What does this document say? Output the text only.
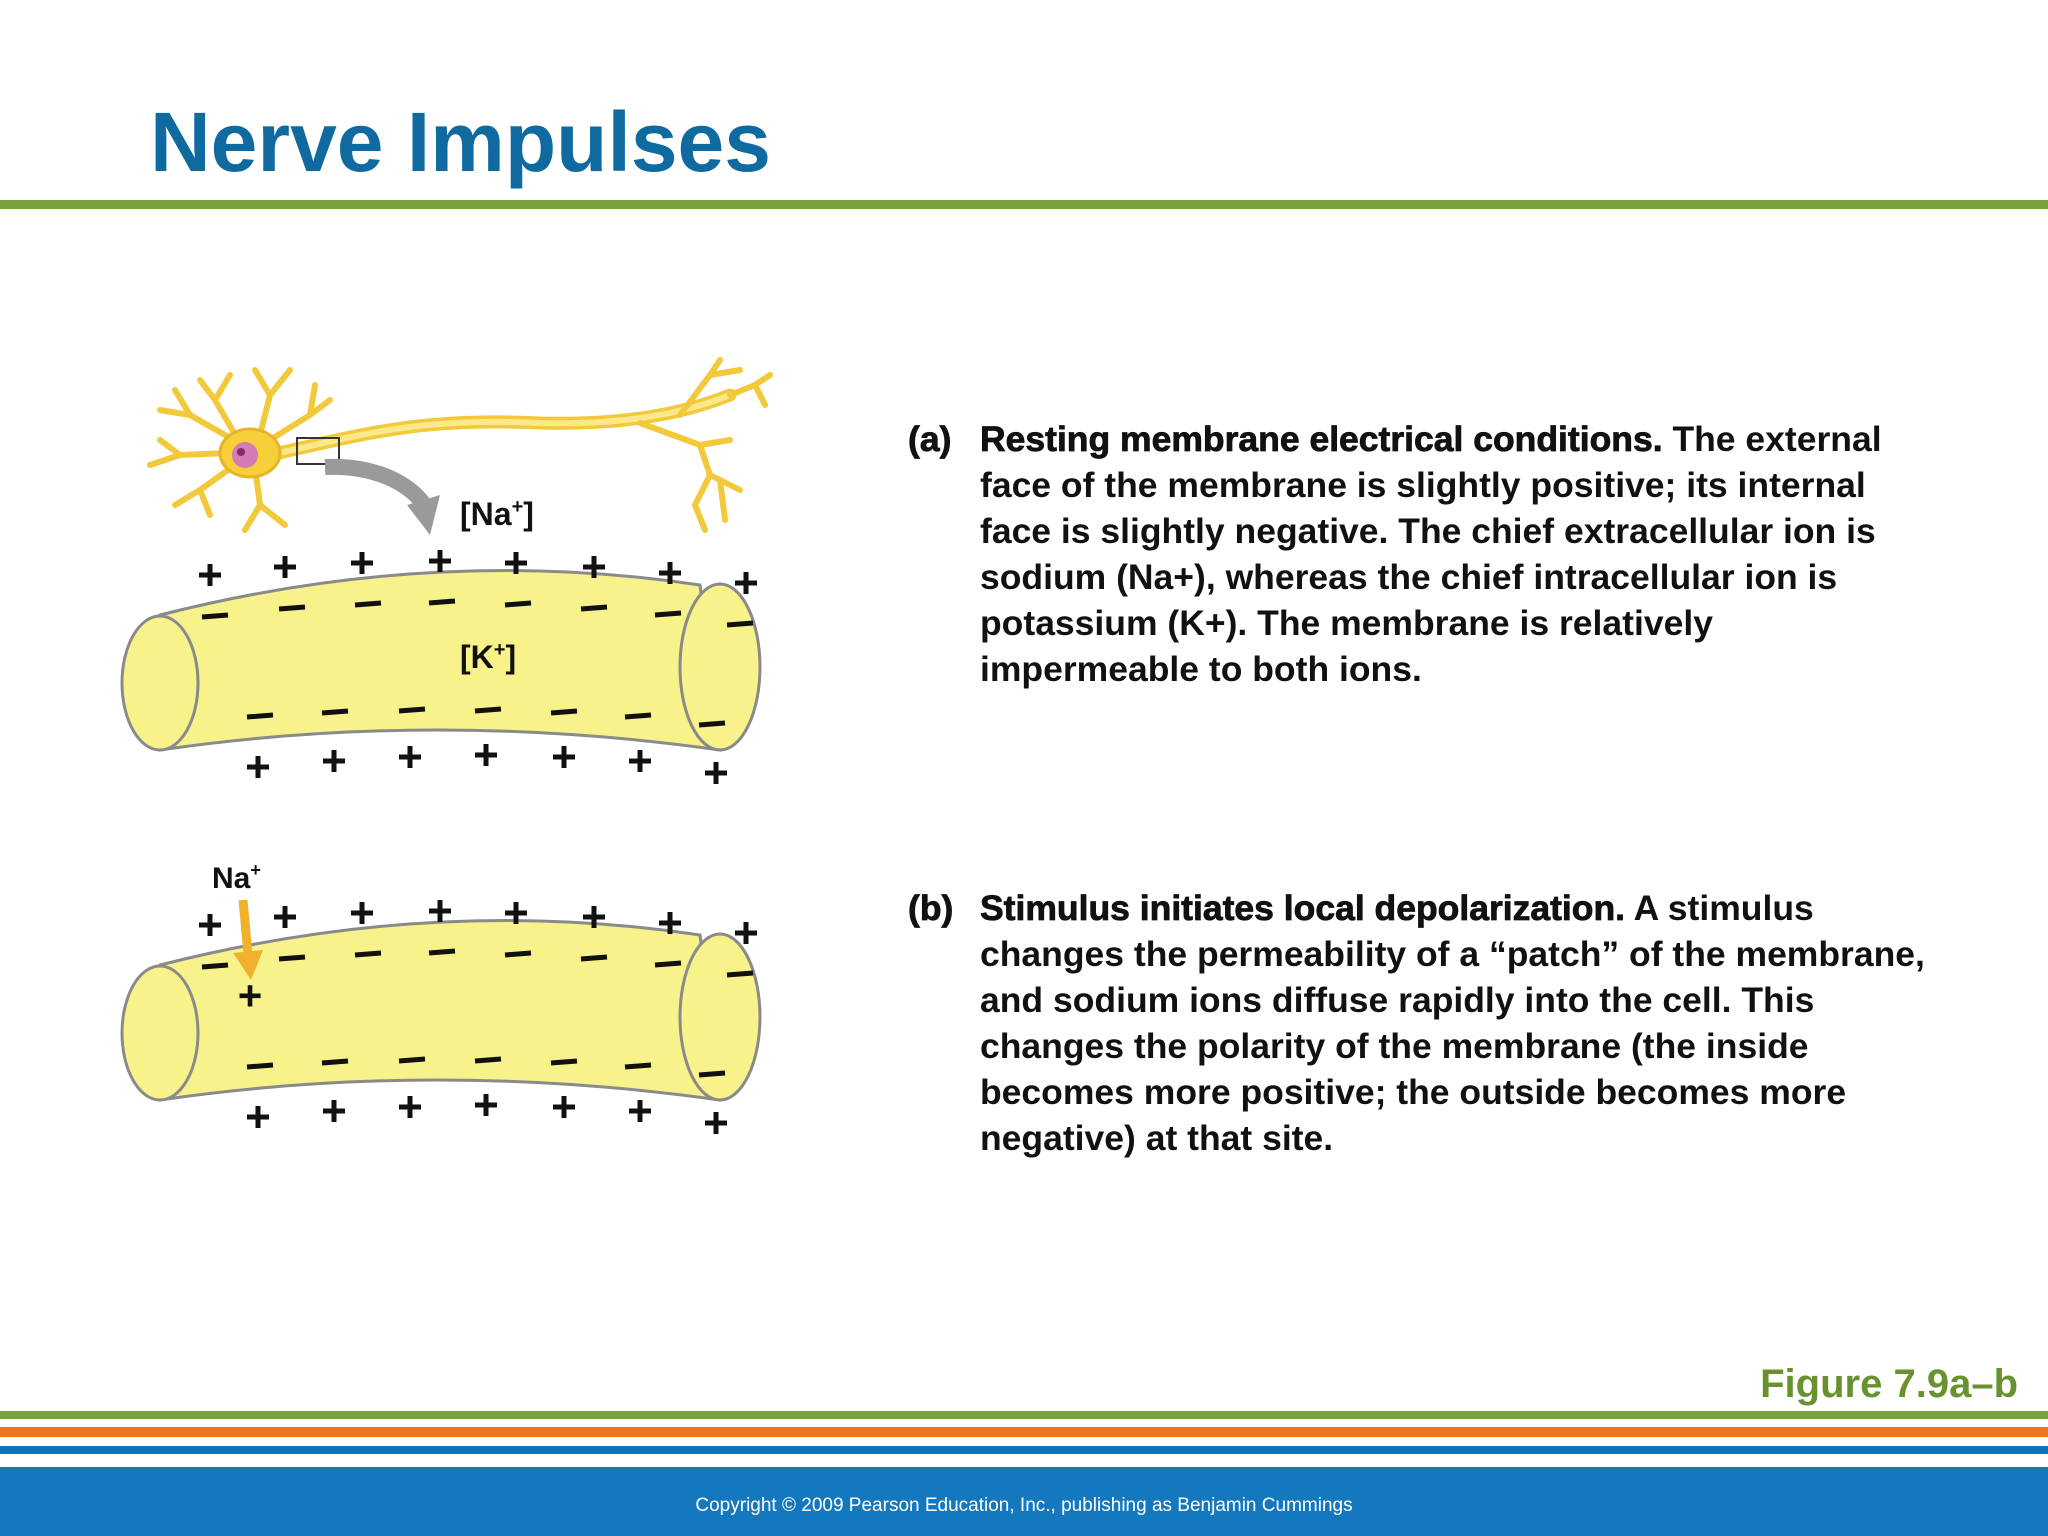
Nerve Impulses
[Na+]
[K+]
Na+
+
(a) Resting membrane electrical conditions. The external face of the membrane is slightly positive; its internal face is slightly negative. The chief extracellular ion is sodium (Na+), whereas the chief intracellular ion is potassium (K+). The membrane is relatively impermeable to both ions.
(b) Stimulus initiates local depolarization. A stimulus changes the permeability of a “patch” of the membrane, and sodium ions diffuse rapidly into the cell. This changes the polarity of the membrane (the inside becomes more positive; the outside becomes more negative) at that site.
Figure 7.9a–b
Copyright © 2009 Pearson Education, Inc., publishing as Benjamin Cummings
